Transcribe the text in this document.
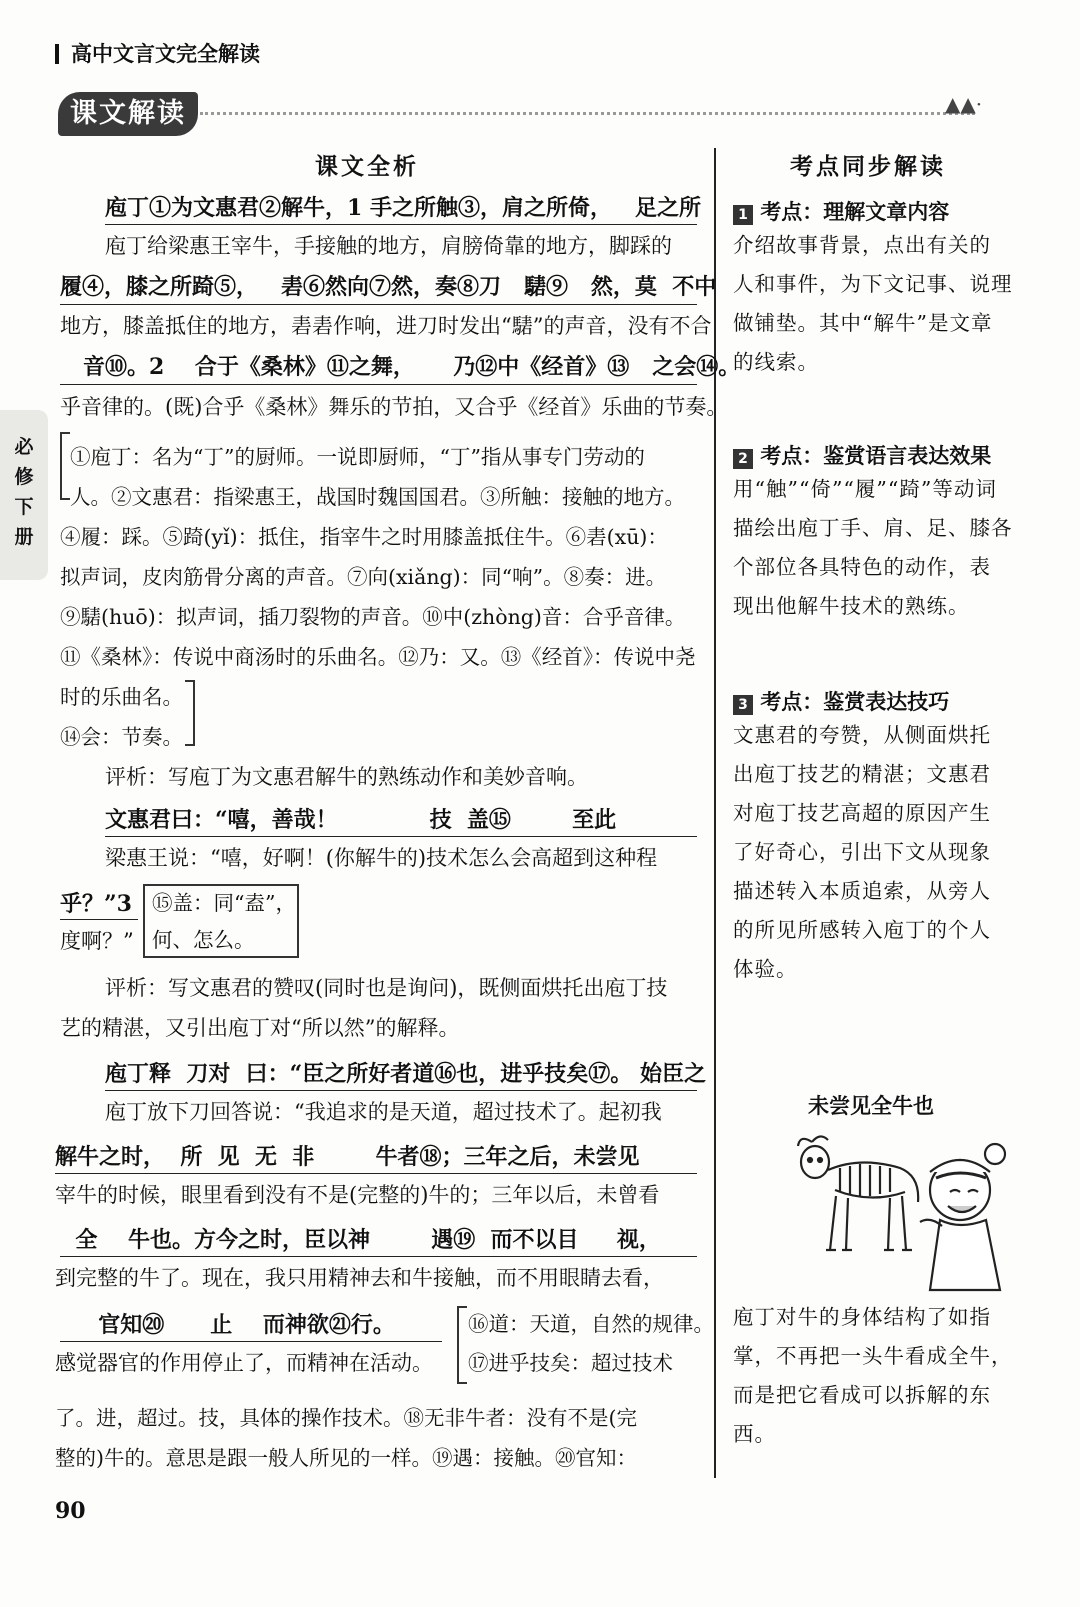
高中文言文完全解读
课文解读	▲▲·
必
修
下
册
课文全析
庖丁①为文惠君②解牛，1 手之所触③，肩之所倚，   足之所
庖丁给梁惠王宰牛，手接触的地方，肩膀倚靠的地方，脚踩的
履④，膝之所踦⑤，   砉⑥然向⑦然，奏⑧刀   騞⑨   然，莫  不中
地方，膝盖抵住的地方，砉砉作响，进刀时发出“騞”的声音，没有不合
音⑩。2    合于《桑林》⑪之舞，     乃⑫中《经首》⑬   之会⑭。
乎音律的。(既)合乎《桑林》舞乐的节拍，又合乎《经首》乐曲的节奏。
①庖丁：名为“丁”的厨师。一说即厨师，“丁”指从事专门劳动的
人。②文惠君：指梁惠王，战国时魏国国君。③所触：接触的地方。
④履：踩。⑤踦(yǐ)：抵住，指宰牛之时用膝盖抵住牛。⑥砉(xū)：
拟声词，皮肉筋骨分离的声音。⑦向(xiǎng)：同“响”。⑧奏：进。
⑨騞(huō)：拟声词，插刀裂物的声音。⑩中(zhòng)音：合乎音律。
⑪《桑林》：传说中商汤时的乐曲名。⑫乃：又。⑬《经首》：传说中尧
时的乐曲名。
⑭会：节奏。
评析：写庖丁为文惠君解牛的熟练动作和美妙音响。
文惠君曰：“嘻，善哉！            技  盖⑮        至此
梁惠王说：“嘻，好啊！(你解牛的)技术怎么会高超到这种程
乎？”3
度啊？”
⑮盖：同“盍”，
何、怎么。
评析：写文惠君的赞叹(同时也是询问)，既侧面烘托出庖丁技
艺的精湛，又引出庖丁对“所以然”的解释。
庖丁释  刀对  曰：“臣之所好者道⑯也，进乎技矣⑰。 始臣之
庖丁放下刀回答说：“我追求的是天道，超过技术了。起初我
解牛之时，  所  见  无  非        牛者⑱；三年之后，未尝见
宰牛的时候，眼里看到没有不是(完整的)牛的；三年以后，未曾看
全    牛也。方今之时，臣以神        遇⑲  而不以目     视，
到完整的牛了。现在，我只用精神去和牛接触，而不用眼睛去看，
官知⑳      止    而神欲㉑行。
感觉器官的作用停止了，而精神在活动。
⑯道：天道，自然的规律。
⑰进乎技矣：超过技术
了。进，超过。技，具体的操作技术。⑱无非牛者：没有不是(完
整的)牛的。意思是跟一般人所见的一样。⑲遇：接触。⑳官知：
90
考点同步解读
1 考点：理解文章内容
介绍故事背景，点出有关的
人和事件，为下文记事、说理
做铺垫。其中“解牛”是文章
的线索。
2 考点：鉴赏语言表达效果
用“触”“倚”“履”“踦”等动词
描绘出庖丁手、肩、足、膝各
个部位各具特色的动作，表
现出他解牛技术的熟练。
3 考点：鉴赏表达技巧
文惠君的夸赞，从侧面烘托
出庖丁技艺的精湛；文惠君
对庖丁技艺高超的原因产生
了好奇心，引出下文从现象
描述转入本质追索，从旁人
的所见所感转入庖丁的个人
体验。
未尝见全牛也
庖丁对牛的身体结构了如指
掌，不再把一头牛看成全牛，
而是把它看成可以拆解的东
西。
